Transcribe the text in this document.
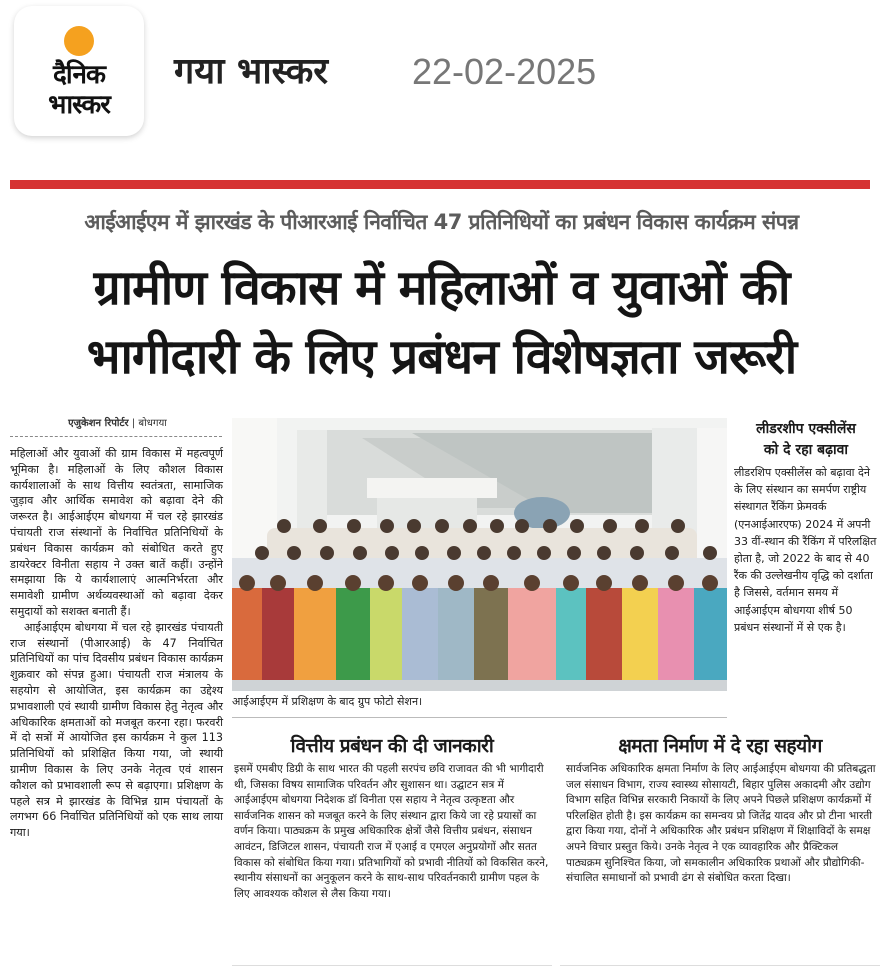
दैनिक
भास्कर
गया भास्कर 22-02-2025
आईआईएम में झारखंड के पीआरआई निर्वाचित 47 प्रतिनिधियों का प्रबंधन विकास कार्यक्रम संपन्न
ग्रामीण विकास में महिलाओं व युवाओं की
भागीदारी के लिए प्रबंधन विशेषज्ञता जरूरी
एजुकेशन रिपोर्टर | बोधगया

महिलाओं और युवाओं की ग्राम विकास में महत्वपूर्ण भूमिका है। महिलाओं के लिए कौशल विकास कार्यशालाओं के साथ वित्तीय स्वतंत्रता, सामाजिक जुड़ाव और आर्थिक समावेश को बढ़ावा देने की जरूरत है। आईआईएम बोधगया में चल रहे झारखंड पंचायती राज संस्थानों के निर्वाचित प्रतिनिधियों के प्रबंधन विकास कार्यक्रम को संबोधित करते हुए डायरेक्टर विनीता सहाय ने उक्त बातें कहीं। उन्होंने समझाया कि ये कार्यशालाएं आत्मनिर्भरता और समावेशी ग्रामीण अर्थव्यवस्थाओं को बढ़ावा देकर समुदायों को सशक्त बनाती हैं।

आईआईएम बोधगया में चल रहे झारखंड पंचायती राज संस्थानों (पीआरआई) के 47 निर्वाचित प्रतिनिधियों का पांच दिवसीय प्रबंधन विकास कार्यक्रम शुक्रवार को संपन्न हुआ। पंचायती राज मंत्रालय के सहयोग से आयोजित, इस कार्यक्रम का उद्देश्य प्रभावशाली एवं स्थायी ग्रामीण विकास हेतु नेतृत्व और अधिकारिक क्षमताओं को मजबूत करना रहा। फरवरी में दो सत्रों में आयोजित इस कार्यक्रम ने कुल 113 प्रतिनिधियों को प्रशिक्षित किया गया, जो स्थायी ग्रामीण विकास के लिए उनके नेतृत्व एवं शासन कौशल को प्रभावशाली रूप से बढ़ाएगा। प्रशिक्षण के पहले सत्र मे झारखंड के विभिन्न ग्राम पंचायतों के लगभग 66 निर्वाचित प्रतिनिधियों को एक साथ लाया गया।

आईआईएम में प्रशिक्षण के बाद ग्रुप फोटो सेशन।
लीडरशीप एक्सीलेंस
को दे रहा बढ़ावा
लीडरशिप एक्सीलेंस को बढ़ावा देने के लिए संस्थान का समर्पण राष्ट्रीय संस्थागत रैंकिंग फ्रेमवर्क (एनआईआरएफ) 2024 में अपनी 33 वीं-स्थान की रैंकिंग में परिलक्षित होता है, जो 2022 के बाद से 40 रैंक की उल्लेखनीय वृद्धि को दर्शाता है जिससे, वर्तमान समय में आईआईएम बोधगया शीर्ष 50 प्रबंधन संस्थानों में से एक है।
वित्तीय प्रबंधन की दी जानकारी
इसमें एमबीए डिग्री के साथ भारत की पहली सरपंच छवि राजावत की भी भागीदारी थी, जिसका विषय सामाजिक परिवर्तन और सुशासन था। उद्घाटन सत्र में आईआईएम बोधगया निदेशक डॉ विनीता एस सहाय ने नेतृत्व उत्कृष्टता और सार्वजनिक शासन को मजबूत करने के लिए संस्थान द्वारा किये जा रहे प्रयासों का वर्णन किया। पाठ्यक्रम के प्रमुख अधिकारिक क्षेत्रों जैसे वित्तीय प्रबंधन, संसाधन आवंटन, डिजिटल शासन, पंचायती राज में एआई व एमएल अनुप्रयोगों और सतत विकास को संबोधित किया गया। प्रतिभागियों को प्रभावी नीतियों को विकसित करने, स्थानीय संसाधनों का अनुकूलन करने के साथ-साथ परिवर्तनकारी ग्रामीण पहल के लिए आवश्यक कौशल से लैस किया गया।
क्षमता निर्माण में दे रहा सहयोग
सार्वजनिक अधिकारिक क्षमता निर्माण के लिए आईआईएम बोधगया की प्रतिबद्धता जल संसाधन विभाग, राज्य स्वास्थ्य सोसायटी, बिहार पुलिस अकादमी और उद्योग विभाग सहित विभिन्न सरकारी निकायों के लिए अपने पिछले प्रशिक्षण कार्यक्रमों में परिलक्षित होती है। इस कार्यक्रम का समन्वय प्रो जितेंद्र यादव और प्रो टीना भारती द्वारा किया गया, दोनों ने अधिकारिक और प्रबंधन प्रशिक्षण में शिक्षाविदों के समक्ष अपने विचार प्रस्तुत किये। उनके नेतृत्व ने एक व्यावहारिक और प्रैक्टिकल पाठ्यक्रम सुनिश्चित किया, जो समकालीन अधिकारिक प्रथाओं और प्रौद्योगिकी-संचालित समाधानों को प्रभावी ढंग से संबोधित करता दिखा।
